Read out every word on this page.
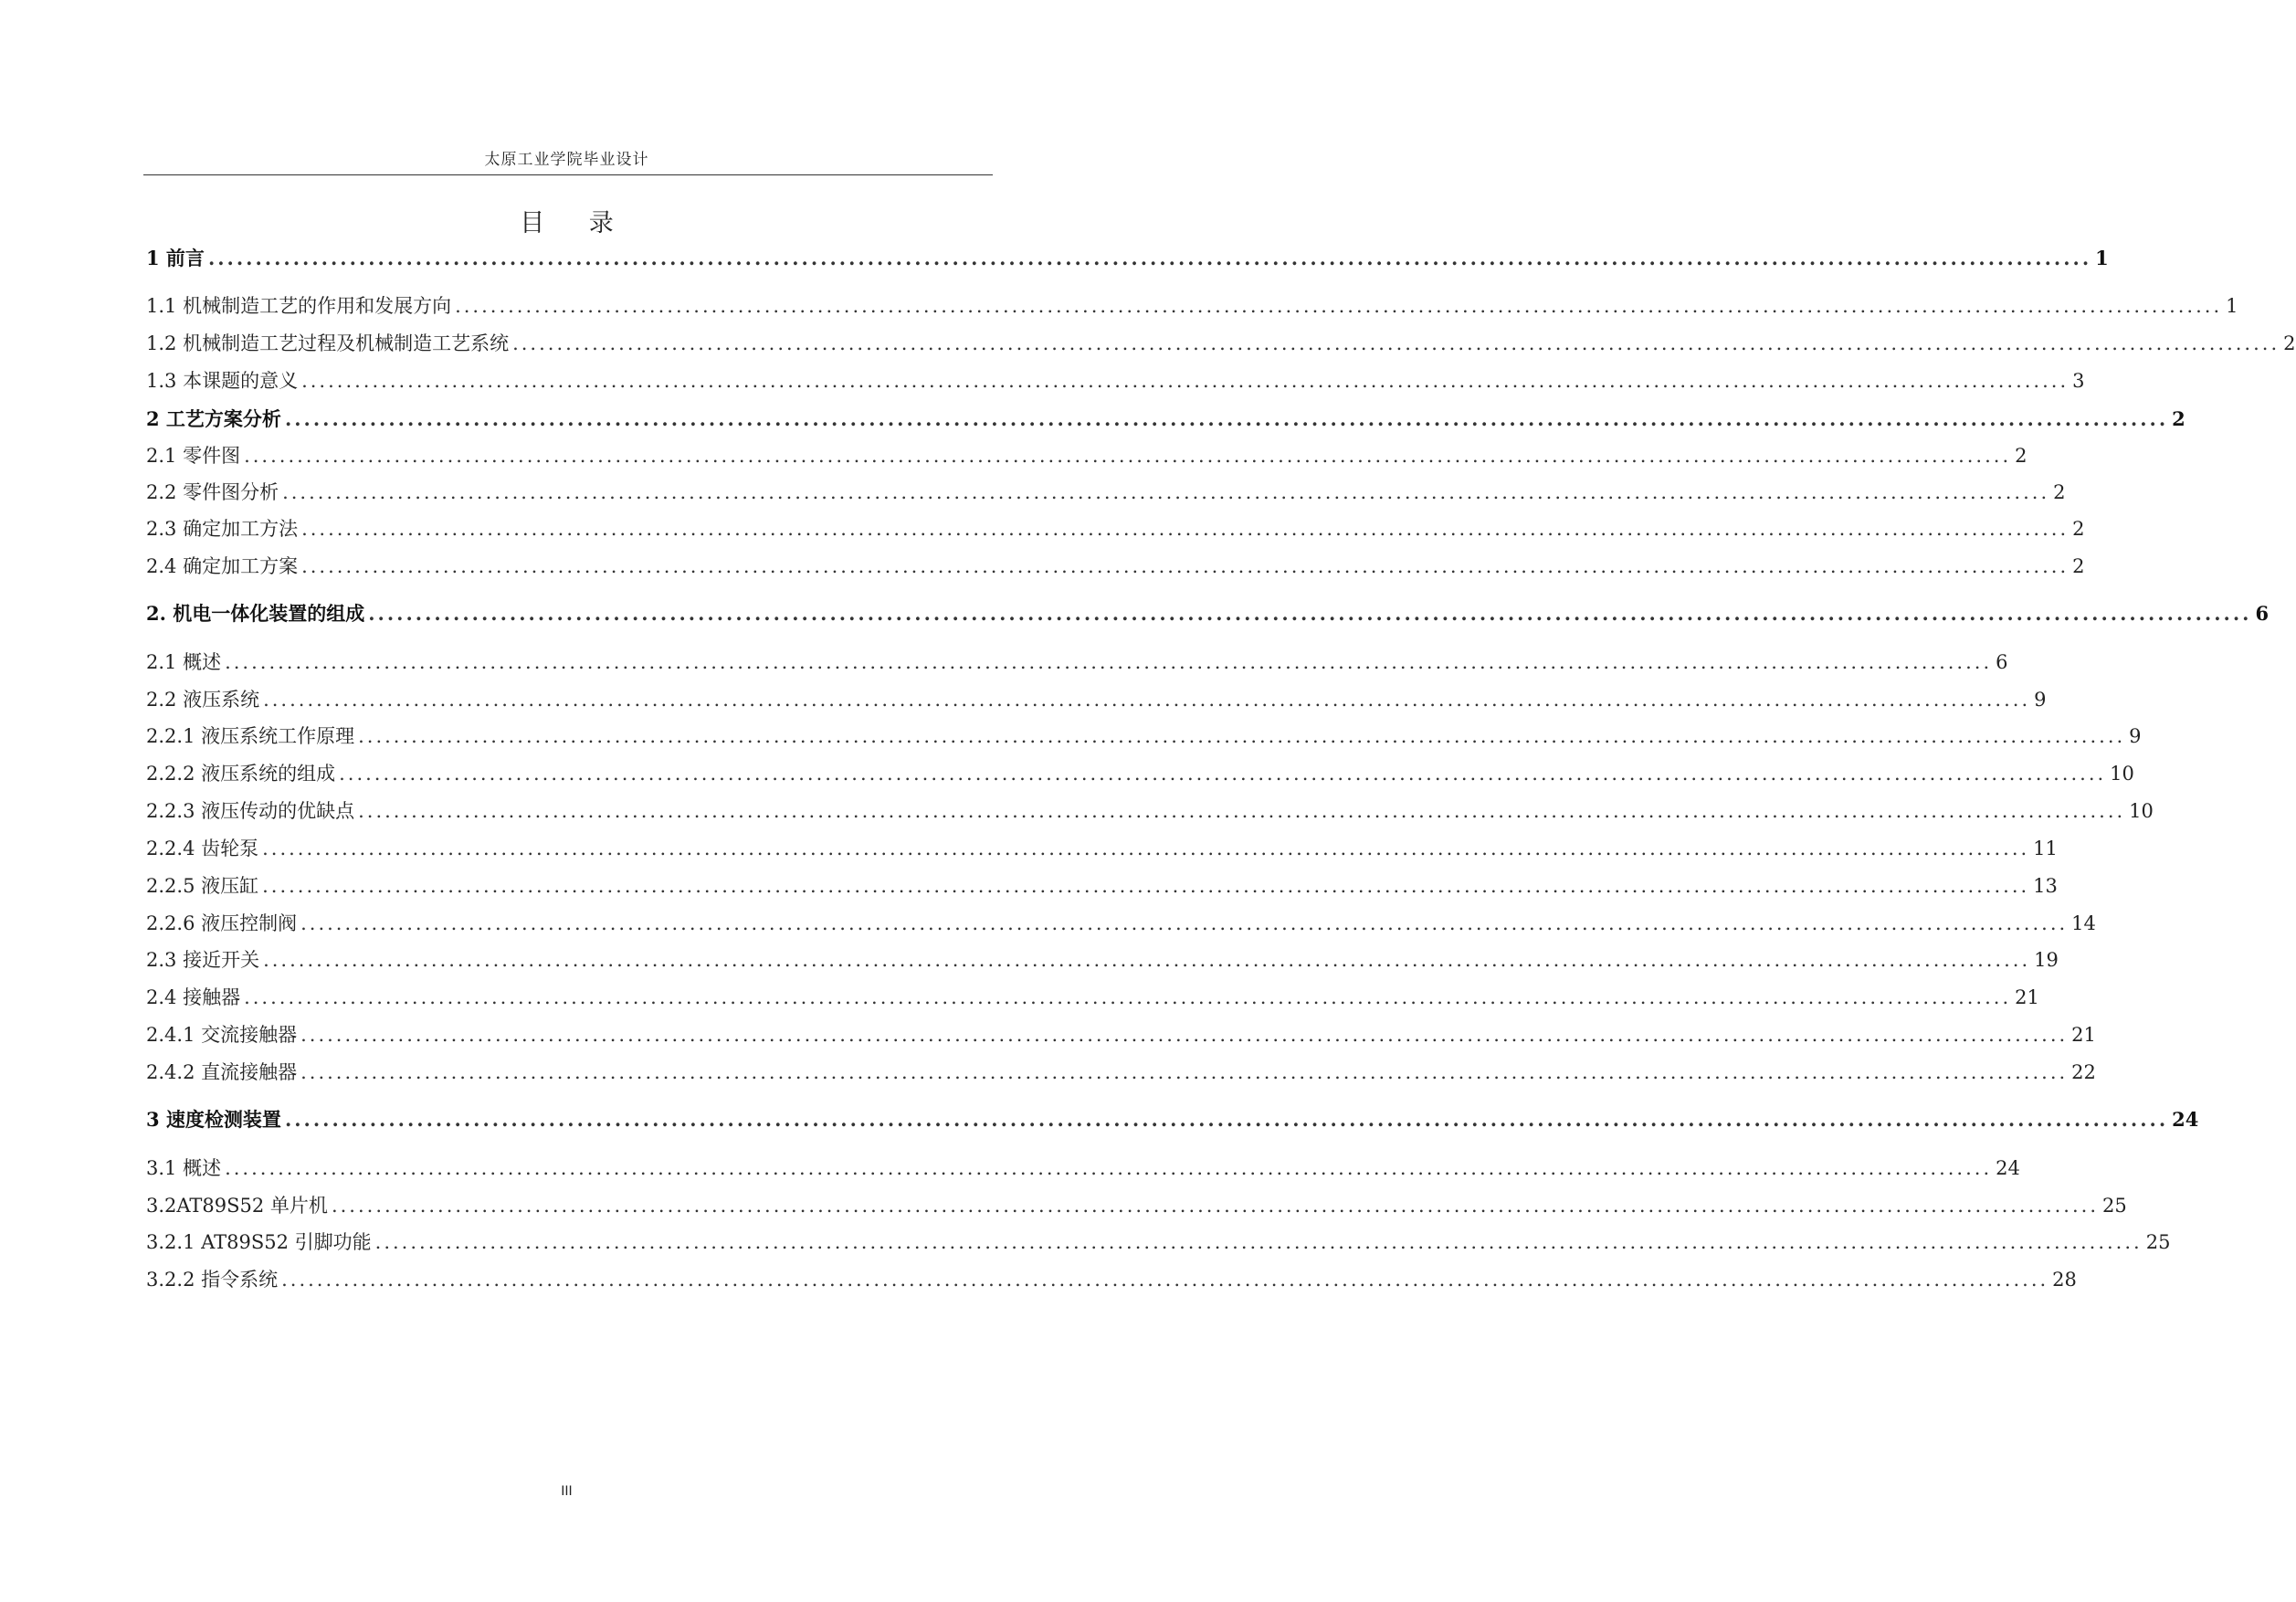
太原工业学院毕业设计
目 录
1 前言 ........................................................................................................................................................................................................ 1
1.1 机械制造工艺的作用和发展方向 ........................................................................................................................................................................................................ 1
1.2 机械制造工艺过程及机械制造工艺系统 ........................................................................................................................................................................................................ 2
1.3 本课题的意义 ........................................................................................................................................................................................................ 3
2 工艺方案分析 ........................................................................................................................................................................................................ 2
2.1 零件图 ........................................................................................................................................................................................................ 2
2.2 零件图分析 ........................................................................................................................................................................................................ 2
2.3 确定加工方法 ........................................................................................................................................................................................................ 2
2.4 确定加工方案 ........................................................................................................................................................................................................ 2
2. 机电一体化装置的组成 ........................................................................................................................................................................................................ 6
2.1 概述 ........................................................................................................................................................................................................ 6
2.2 液压系统 ........................................................................................................................................................................................................ 9
2.2.1 液压系统工作原理 ........................................................................................................................................................................................................ 9
2.2.2 液压系统的组成 ........................................................................................................................................................................................................ 10
2.2.3 液压传动的优缺点 ........................................................................................................................................................................................................ 10
2.2.4 齿轮泵 ........................................................................................................................................................................................................ 11
2.2.5 液压缸 ........................................................................................................................................................................................................ 13
2.2.6 液压控制阀 ........................................................................................................................................................................................................ 14
2.3 接近开关 ........................................................................................................................................................................................................ 19
2.4 接触器 ........................................................................................................................................................................................................ 21
2.4.1 交流接触器 ........................................................................................................................................................................................................ 21
2.4.2 直流接触器 ........................................................................................................................................................................................................ 22
3 速度检测装置 ........................................................................................................................................................................................................ 24
3.1 概述 ........................................................................................................................................................................................................ 24
3.2AT89S52 单片机 ........................................................................................................................................................................................................ 25
3.2.1 AT89S52 引脚功能 ........................................................................................................................................................................................................ 25
3.2.2 指令系统 ........................................................................................................................................................................................................ 28
III
